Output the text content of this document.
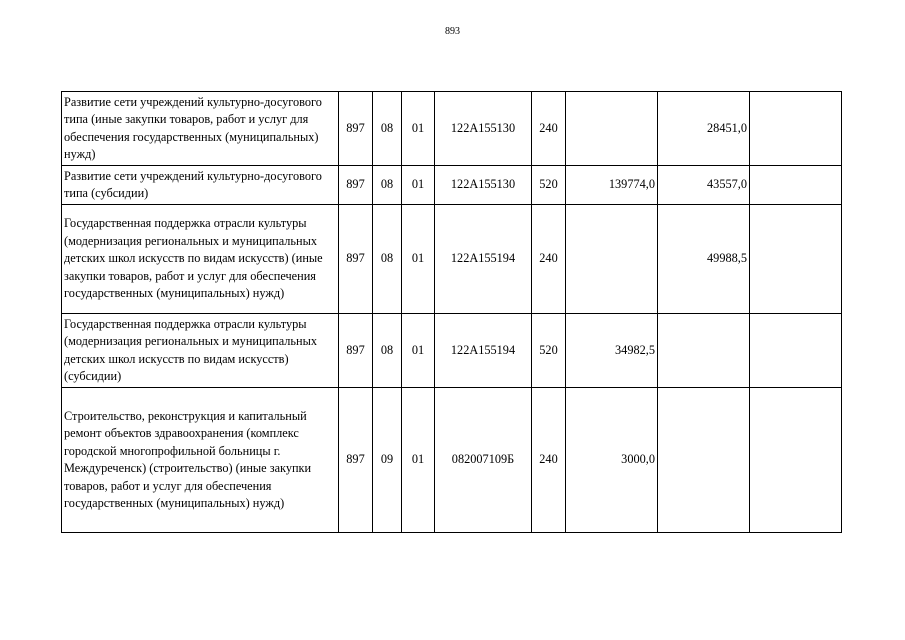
893
Развитие сети учреждений культурно-досугового типа (иные закупки товаров, работ и услуг для обеспечения государственных (муниципальных) нужд)	897	08	01	122А155130	240		28451,0	
Развитие сети учреждений культурно-досугового типа (субсидии)	897	08	01	122А155130	520	139774,0	43557,0	
Государственная поддержка отрасли культуры (модернизация региональных и муниципальных детских школ искусств по видам искусств) (иные закупки товаров, работ и услуг для обеспечения государственных (муниципальных) нужд)	897	08	01	122А155194	240		49988,5	
Государственная поддержка отрасли культуры (модернизация региональных и муниципальных детских школ искусств по видам искусств) (субсидии)	897	08	01	122А155194	520	34982,5		
Строительство, реконструкция и капитальный ремонт объектов здравоохранения (комплекс городской многопрофильной больницы г. Междуреченск) (строительство) (иные закупки товаров, работ и услуг для обеспечения государственных (муниципальных) нужд)	897	09	01	082007109Б	240	3000,0		
